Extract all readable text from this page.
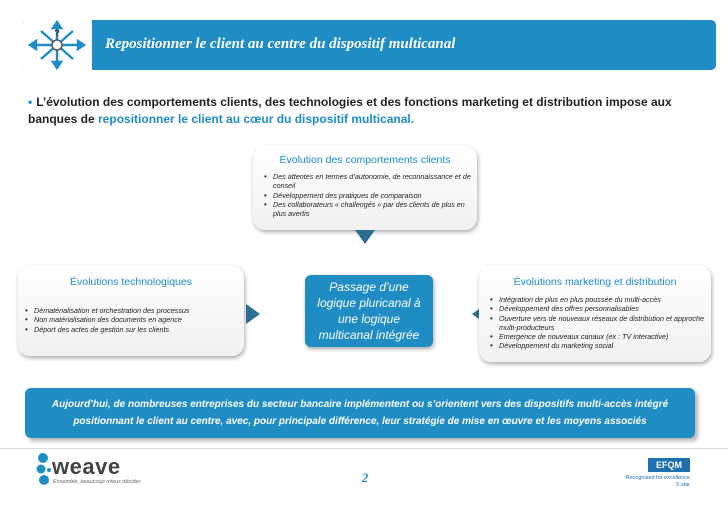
?
Repositionner le client au centre du dispositif multicanal
• L’évolution des comportements clients, des technologies et des fonctions marketing et distribution impose aux banques de repositionner le client au cœur du dispositif multicanal.
Évolution des comportements clients
• Des attentes en termes d’autonomie, de reconnaissance et de conseil
• Développement des pratiques de comparaison
• Des collaborateurs « challengés » par des clients de plus en plus avertis
Évolutions technologiques
• Dématérialisation et orchestration des processus
• Non matérialisation des documents en agence
• Déport des actes de gestion sur les clients
Passage d’une
logique pluricanal à
une logique
multicanal intégrée
Évolutions marketing et distribution
• Intégration de plus en plus poussée du multi-accès
• Développement des offres personnalisables
• Ouverture vers de nouveaux réseaux de distribution et approche multi-producteurs
• Emergence de nouveaux canaux (ex : TV interactive)
• Développement du marketing social
Aujourd’hui, de nombreuses entreprises du secteur bancaire implémentent ou s’orientent vers des dispositifs multi-accès intégré positionnant le client au centre, avec, pour principale différence, leur stratégie de mise en œuvre et les moyens associés
weave
Ensemble, beaucoup mieux décider.	2
EFQM
Recognised for excellence
5 star
